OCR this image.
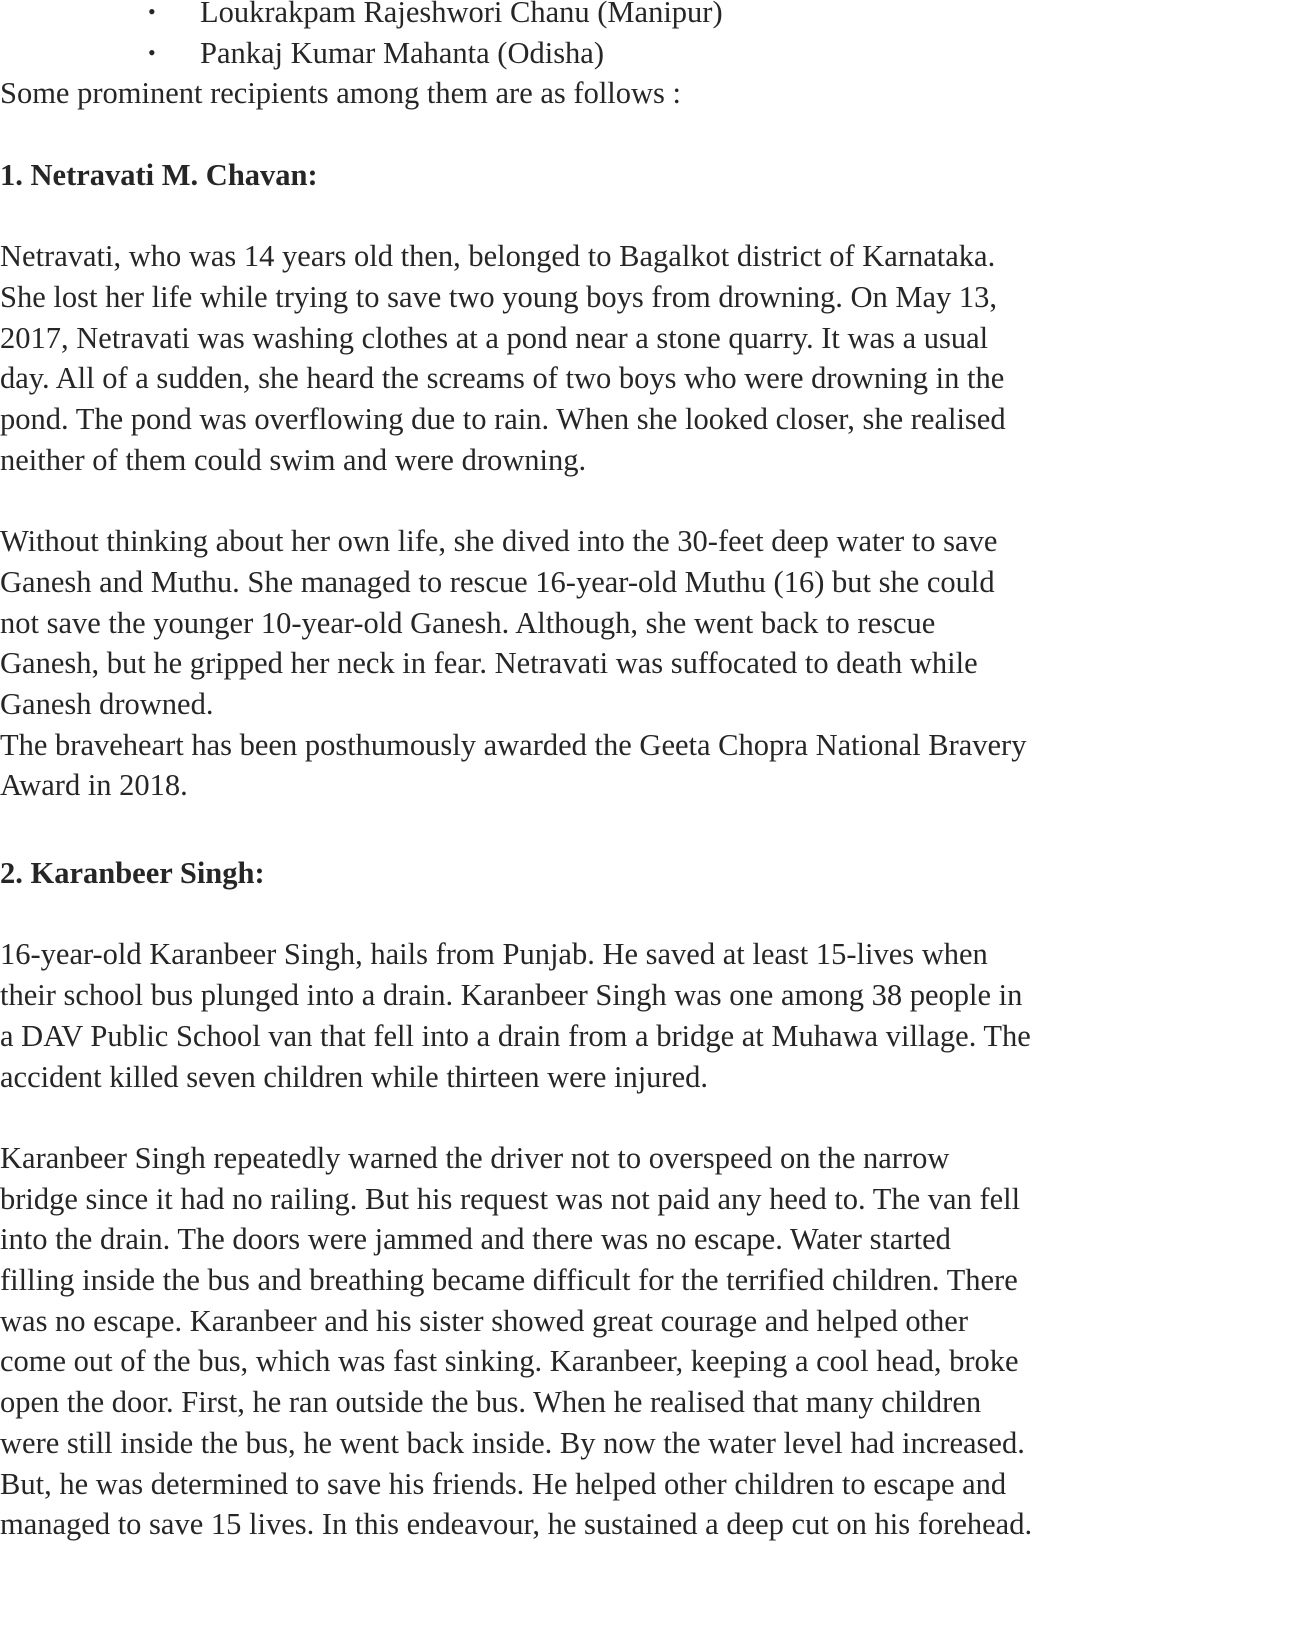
• Loukrakpam Rajeshwori Chanu (Manipur)
• Pankaj Kumar Mahanta (Odisha)

Some prominent recipients among them are as follows :

1. Netravati M. Chavan:

Netravati, who was 14 years old then, belonged to Bagalkot district of Karnataka.
She lost her life while trying to save two young boys from drowning. On May 13,
2017, Netravati was washing clothes at a pond near a stone quarry. It was a usual
day. All of a sudden, she heard the screams of two boys who were drowning in the
pond. The pond was overflowing due to rain. When she looked closer, she realised
neither of them could swim and were drowning.

Without thinking about her own life, she dived into the 30-feet deep water to save
Ganesh and Muthu. She managed to rescue 16-year-old Muthu (16) but she could
not save the younger 10-year-old Ganesh. Although, she went back to rescue
Ganesh, but he gripped her neck in fear. Netravati was suffocated to death while
Ganesh drowned.

The braveheart has been posthumously awarded the Geeta Chopra National Bravery
Award in 2018.

2. Karanbeer Singh:

16-year-old Karanbeer Singh, hails from Punjab. He saved at least 15-lives when
their school bus plunged into a drain. Karanbeer Singh was one among 38 people in
a DAV Public School van that fell into a drain from a bridge at Muhawa village. The
accident killed seven children while thirteen were injured.

Karanbeer Singh repeatedly warned the driver not to overspeed on the narrow
bridge since it had no railing. But his request was not paid any heed to. The van fell
into the drain. The doors were jammed and there was no escape. Water started
filling inside the bus and breathing became difficult for the terrified children. There
was no escape. Karanbeer and his sister showed great courage and helped other
come out of the bus, which was fast sinking. Karanbeer, keeping a cool head, broke
open the door. First, he ran outside the bus. When he realised that many children
were still inside the bus, he went back inside. By now the water level had increased.
But, he was determined to save his friends. He helped other children to escape and
managed to save 15 lives. In this endeavour, he sustained a deep cut on his forehead.
